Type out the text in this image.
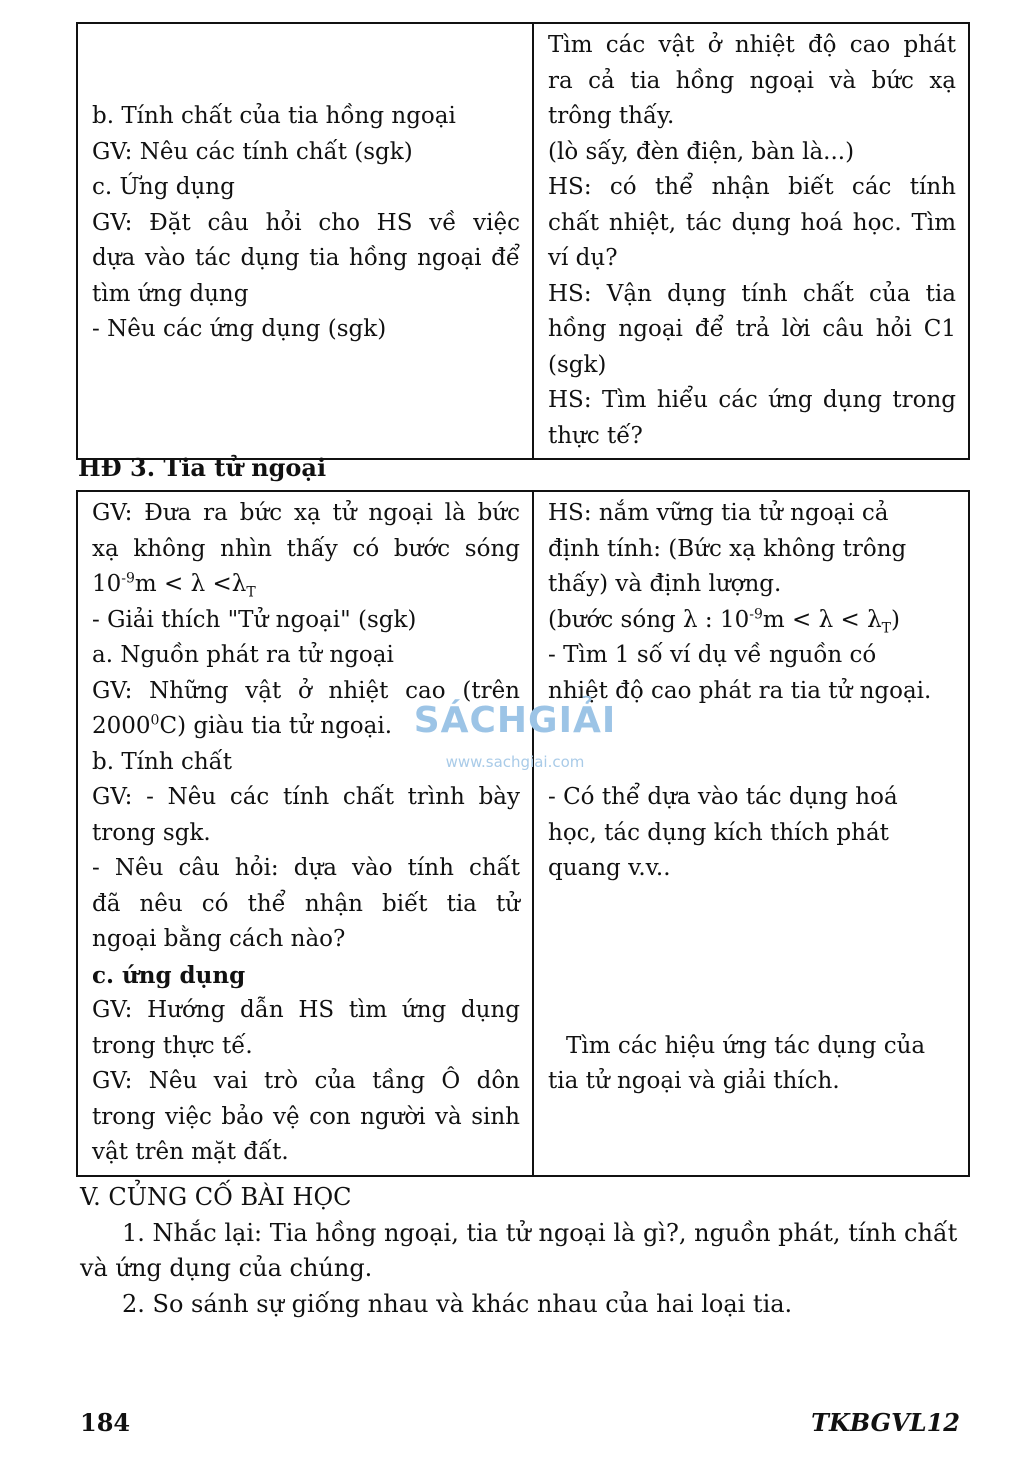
b. Tính chất của tia hồng ngoại
GV: Nêu các tính chất (sgk)
c. Ứng dụng
GV: Đặt câu hỏi cho HS về việc
dựa vào tác dụng tia hồng ngoại để
tìm ứng dụng
- Nêu các ứng dụng (sgk)

Tìm các vật ở nhiệt độ cao phát
ra cả tia hồng ngoại và bức xạ
trông thấy.
(lò sấy, đèn điện, bàn là...)
HS: có thể nhận biết các tính
chất nhiệt, tác dụng hoá học. Tìm
ví dụ?
HS: Vận dụng tính chất của tia
hồng ngoại để trả lời câu hỏi C1
(sgk)
HS: Tìm hiểu các ứng dụng trong
thực tế?
HĐ 3. Tia tử ngoại
GV: Đưa ra bức xạ tử ngoại là bức
xạ không nhìn thấy có bước sóng
$10^{-9}m < \lambda <\lambda_T$
- Giải thích "Tử ngoại" (sgk)
a. Nguồn phát ra tử ngoại
GV: Những vật ở nhiệt cao (trên
2000$^0$C) giàu tia tử ngoại.
b. Tính chất
GV: - Nêu các tính chất trình bày
trong sgk.
- Nêu câu hỏi: dựa vào tính chất
đã nêu có thể nhận biết tia tử
ngoại bằng cách nào?
c. ứng dụng
GV: Hướng dẫn HS tìm ứng dụng
trong thực tế.
GV: Nêu vai trò của tầng Ô dôn
trong việc bảo vệ con người và sinh
vật trên mặt đất.

HS: nắm vững tia tử ngoại cả
định tính: (Bức xạ không trông
thấy) và định lượng.
(bước sóng λ : $10^{-9}m < \lambda < \lambda_T$)
- Tìm 1 số ví dụ về nguồn có
nhiệt độ cao phát ra tia tử ngoại.
- Có thể dựa vào tác dụng hoá
học, tác dụng kích thích phát
quang v.v..
Tìm các hiệu ứng tác dụng của
tia tử ngoại và giải thích.
SÁCHGIẢI
www.sachgiai.com

V. CỦNG CỐ BÀI HỌC

1. Nhắc lại: Tia hồng ngoại, tia tử ngoại là gì?, nguồn phát, tính chất

và ứng dụng của chúng.

2. So sánh sự giống nhau và khác nhau của hai loại tia.

184	TKBGVL12
